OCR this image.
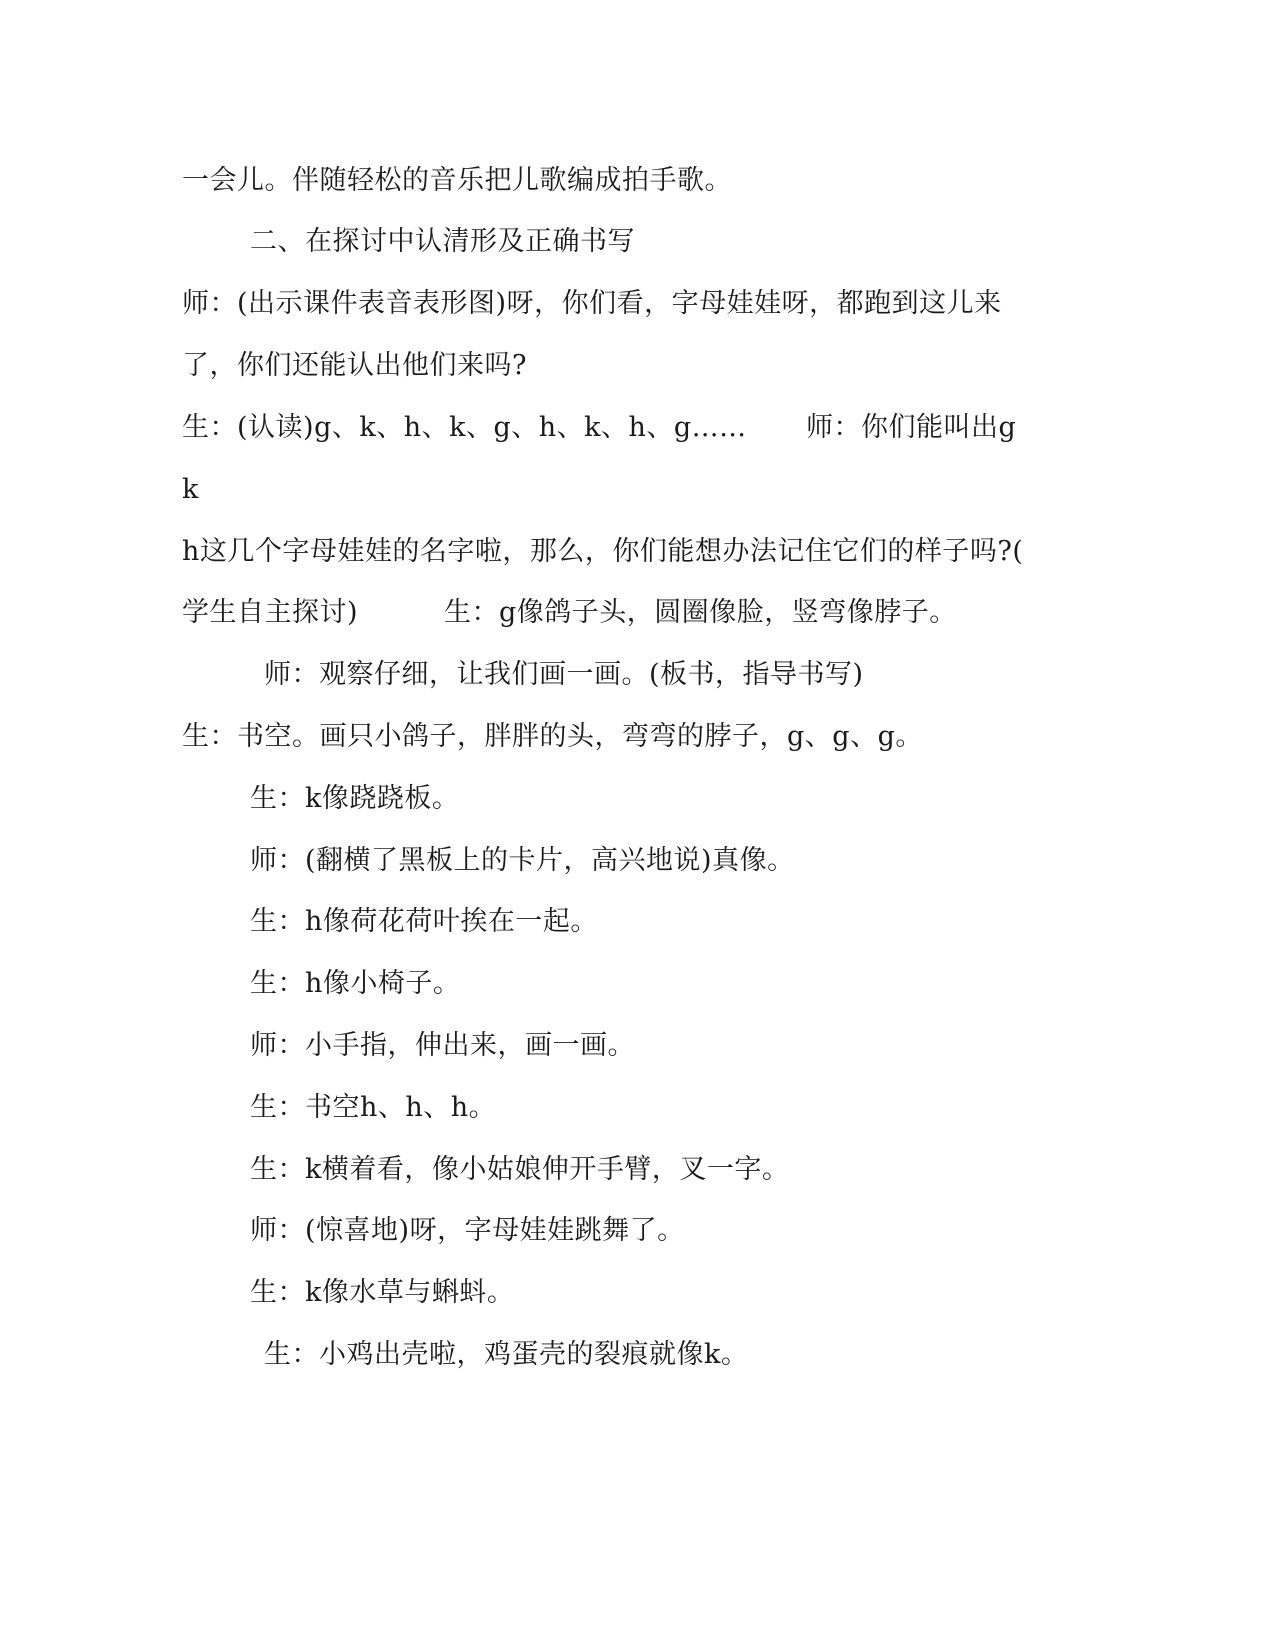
一会儿。伴随轻松的音乐把儿歌编成拍手歌。
二、在探讨中认清形及正确书写
师：(出示课件表音表形图)呀，你们看，字母娃娃呀，都跑到这儿来
了，你们还能认出他们来吗?
生：(认读)g、k、h、k、g、h、k、h、g…… 师：你们能叫出g
k
h这几个字母娃娃的名字啦，那么，你们能想办法记住它们的样子吗?(
学生自主探讨)	生：g像鸽子头，圆圈像脸，竖弯像脖子。
师：观察仔细，让我们画一画。(板书，指导书写)
生：书空。画只小鸽子，胖胖的头，弯弯的脖子，g、g、g。
生：k像跷跷板。
师：(翻横了黑板上的卡片，高兴地说)真像。
生：h像荷花荷叶挨在一起。
生：h像小椅子。
师：小手指，伸出来，画一画。
生：书空h、h、h。
生：k横着看，像小姑娘伸开手臂，叉一字。
师：(惊喜地)呀，字母娃娃跳舞了。
生：k像水草与蝌蚪。
生：小鸡出壳啦，鸡蛋壳的裂痕就像k。
